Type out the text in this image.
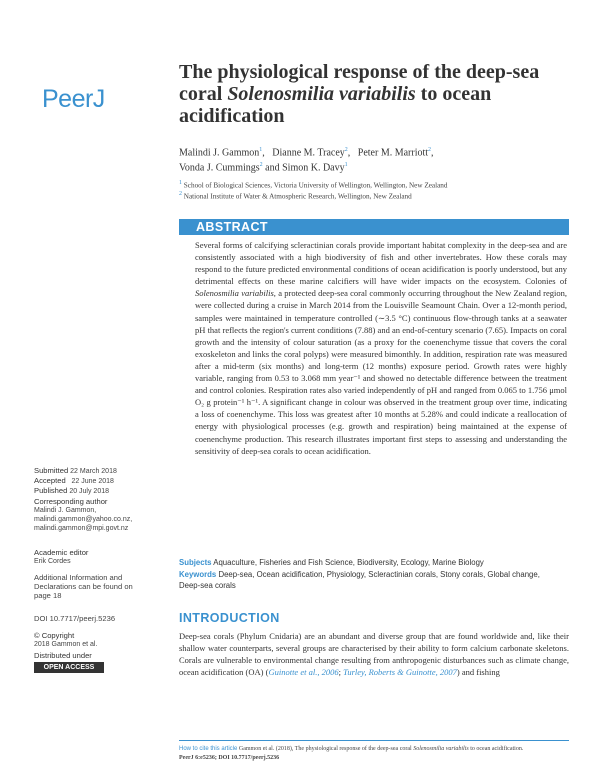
PeerJ
The physiological response of the deep-sea coral Solenosmilia variabilis to ocean acidification
Malindi J. Gammon$^1$,   Dianne M. Tracey$^2$,   Peter M. Marriott$^2$,
Vonda J. Cummings$^2$ and Simon K. Davy$^1$
$^1$ School of Biological Sciences, Victoria University of Wellington, Wellington, New Zealand
$^2$ National Institute of Water & Atmospheric Research, Wellington, New Zealand
ABSTRACT

Several forms of calcifying scleractinian corals provide important habitat complexity in the deep-sea and are consistently associated with a high biodiversity of fish and other invertebrates. How these corals may respond to the future predicted environmental conditions of ocean acidification is poorly understood, but any detrimental effects on these marine calcifiers will have wider impacts on the ecosystem. Colonies of Solenosmilia variabilis, a protected deep-sea coral commonly occurring throughout the New Zealand region, were collected during a cruise in March 2014 from the Louisville Seamount Chain. Over a 12-month period, samples were maintained in temperature controlled (∼3.5 °C) continuous flow-through tanks at a seawater pH that reflects the region's current conditions (7.88) and an end-of-century scenario (7.65). Impacts on coral growth and the intensity of colour saturation (as a proxy for the coenenchyme tissue that covers the coral exoskeleton and links the coral polyps) were measured bimonthly. In addition, respiration rate was measured after a mid-term (six months) and long-term (12 months) exposure period. Growth rates were highly variable, ranging from 0.53 to 3.068 mm year⁻¹ and showed no detectable difference between the treatment and control colonies. Respiration rates also varied independently of pH and ranged from 0.065 to 1.756 μmol O₂ g protein⁻¹ h⁻¹. A significant change in colour was observed in the treatment group over time, indicating a loss of coenenchyme. This loss was greatest after 10 months at 5.28% and could indicate a reallocation of energy with physiological processes (e.g. growth and respiration) being maintained at the expense of coenenchyme production. This research illustrates important first steps to assessing and understanding the sensitivity of deep-sea corals to ocean acidification.

Submitted 22 March 2018
Accepted 22 June 2018
Published 20 July 2018
Corresponding author
Malindi J. Gammon,
malindi.gammon@yahoo.co.nz,
malindi.gammon@mpi.govt.nz
Academic editor
Erik Cordes
Additional Information and Declarations can be found on page 18
DOI 10.7717/peerj.5236
© Copyright
2018 Gammon et al.
Distributed under
OPEN ACCESS
Subjects Aquaculture, Fisheries and Fish Science, Biodiversity, Ecology, Marine Biology
Keywords Deep-sea, Ocean acidification, Physiology, Scleractinian corals, Stony corals, Global change, Deep-sea corals
INTRODUCTION

Deep-sea corals (Phylum Cnidaria) are an abundant and diverse group that are found worldwide and, like their shallow water counterparts, several groups are characterised by their ability to form calcium carbonate skeletons. Corals are vulnerable to environmental change resulting from anthropogenic disturbances such as climate change, ocean acidification (OA) (Guinotte et al., 2006; Turley, Roberts & Guinotte, 2007) and fishing

How to cite this article Gammon et al. (2018), The physiological response of the deep-sea coral Solenosmilia variabilis to ocean acidification.
PeerJ 6:e5236; DOI 10.7717/peerj.5236
